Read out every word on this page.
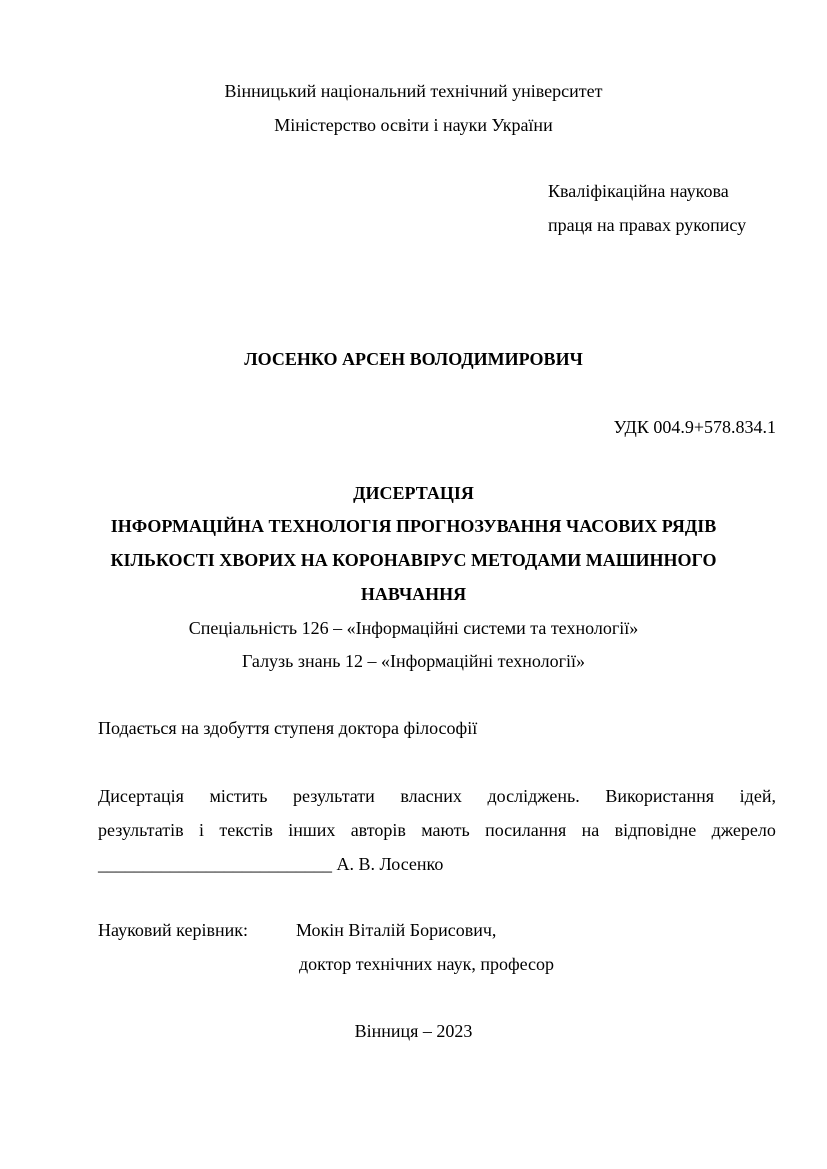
Вінницький національний технічний університет
Міністерство освіти і науки України
Кваліфікаційна наукова
праця на правах рукопису
ЛОСЕНКО АРСЕН ВОЛОДИМИРОВИЧ
УДК 004.9+578.834.1
ДИСЕРТАЦІЯ
ІНФОРМАЦІЙНА ТЕХНОЛОГІЯ ПРОГНОЗУВАННЯ ЧАСОВИХ РЯДІВ
КІЛЬКОСТІ ХВОРИХ НА КОРОНАВІРУС МЕТОДАМИ МАШИННОГО
НАВЧАННЯ
Спеціальність 126 – «Інформаційні системи та технології»
Галузь знань 12 – «Інформаційні технології»
Подається на здобуття ступеня доктора філософії
Дисертація містить результати власних досліджень. Використання ідей,
результатів і текстів інших авторів мають посилання на відповідне джерело
__________________________ А. В. Лосенко
Науковий керівник:	Мокін Віталій Борисович,
доктор технічних наук, професор
Вінниця – 2023
